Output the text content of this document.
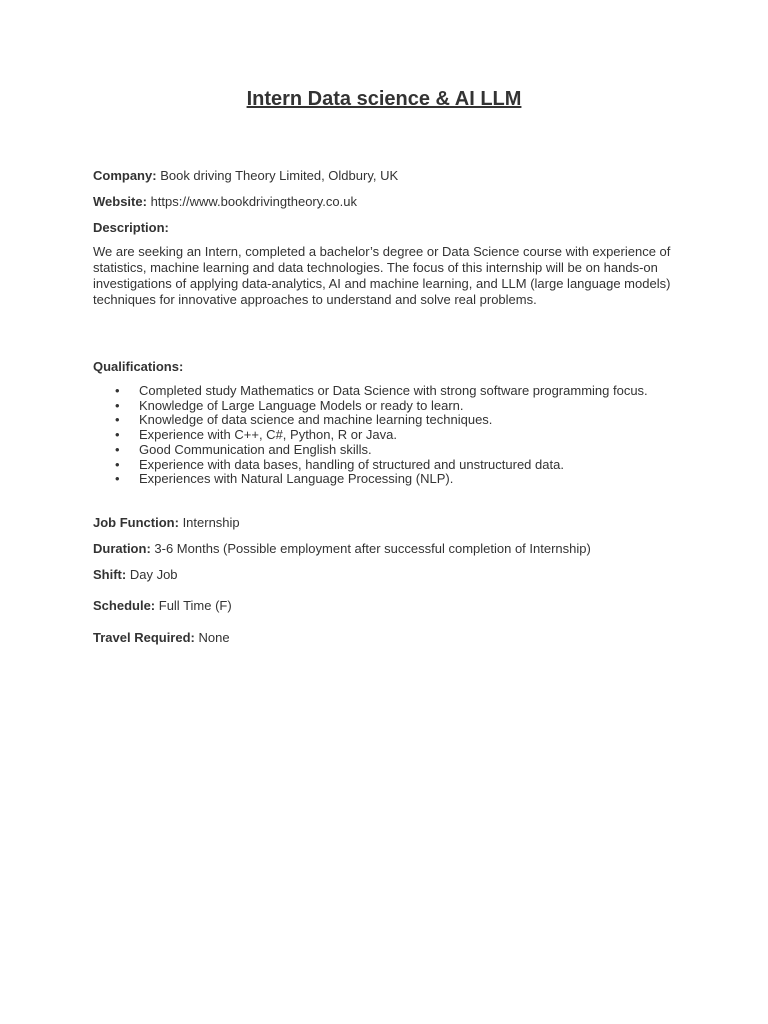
Intern Data science & AI LLM
Company: Book driving Theory Limited, Oldbury, UK
Website: https://www.bookdrivingtheory.co.uk
Description:

We are seeking an Intern, completed a bachelor’s degree or Data Science course with experience of statistics, machine learning and data technologies. The focus of this internship will be on hands-on investigations of applying data-analytics, AI and machine learning, and LLM (large language models) techniques for innovative approaches to understand and solve real problems.

Qualifications:
• Completed study Mathematics or Data Science with strong software programming focus.
• Knowledge of Large Language Models or ready to learn.
• Knowledge of data science and machine learning techniques.
• Experience with C++, C#, Python, R or Java.
• Good Communication and English skills.
• Experience with data bases, handling of structured and unstructured data.
• Experiences with Natural Language Processing (NLP).
Job Function: Internship
Duration: 3-6 Months (Possible employment after successful completion of Internship)
Shift: Day Job
Schedule: Full Time (F)
Travel Required: None
